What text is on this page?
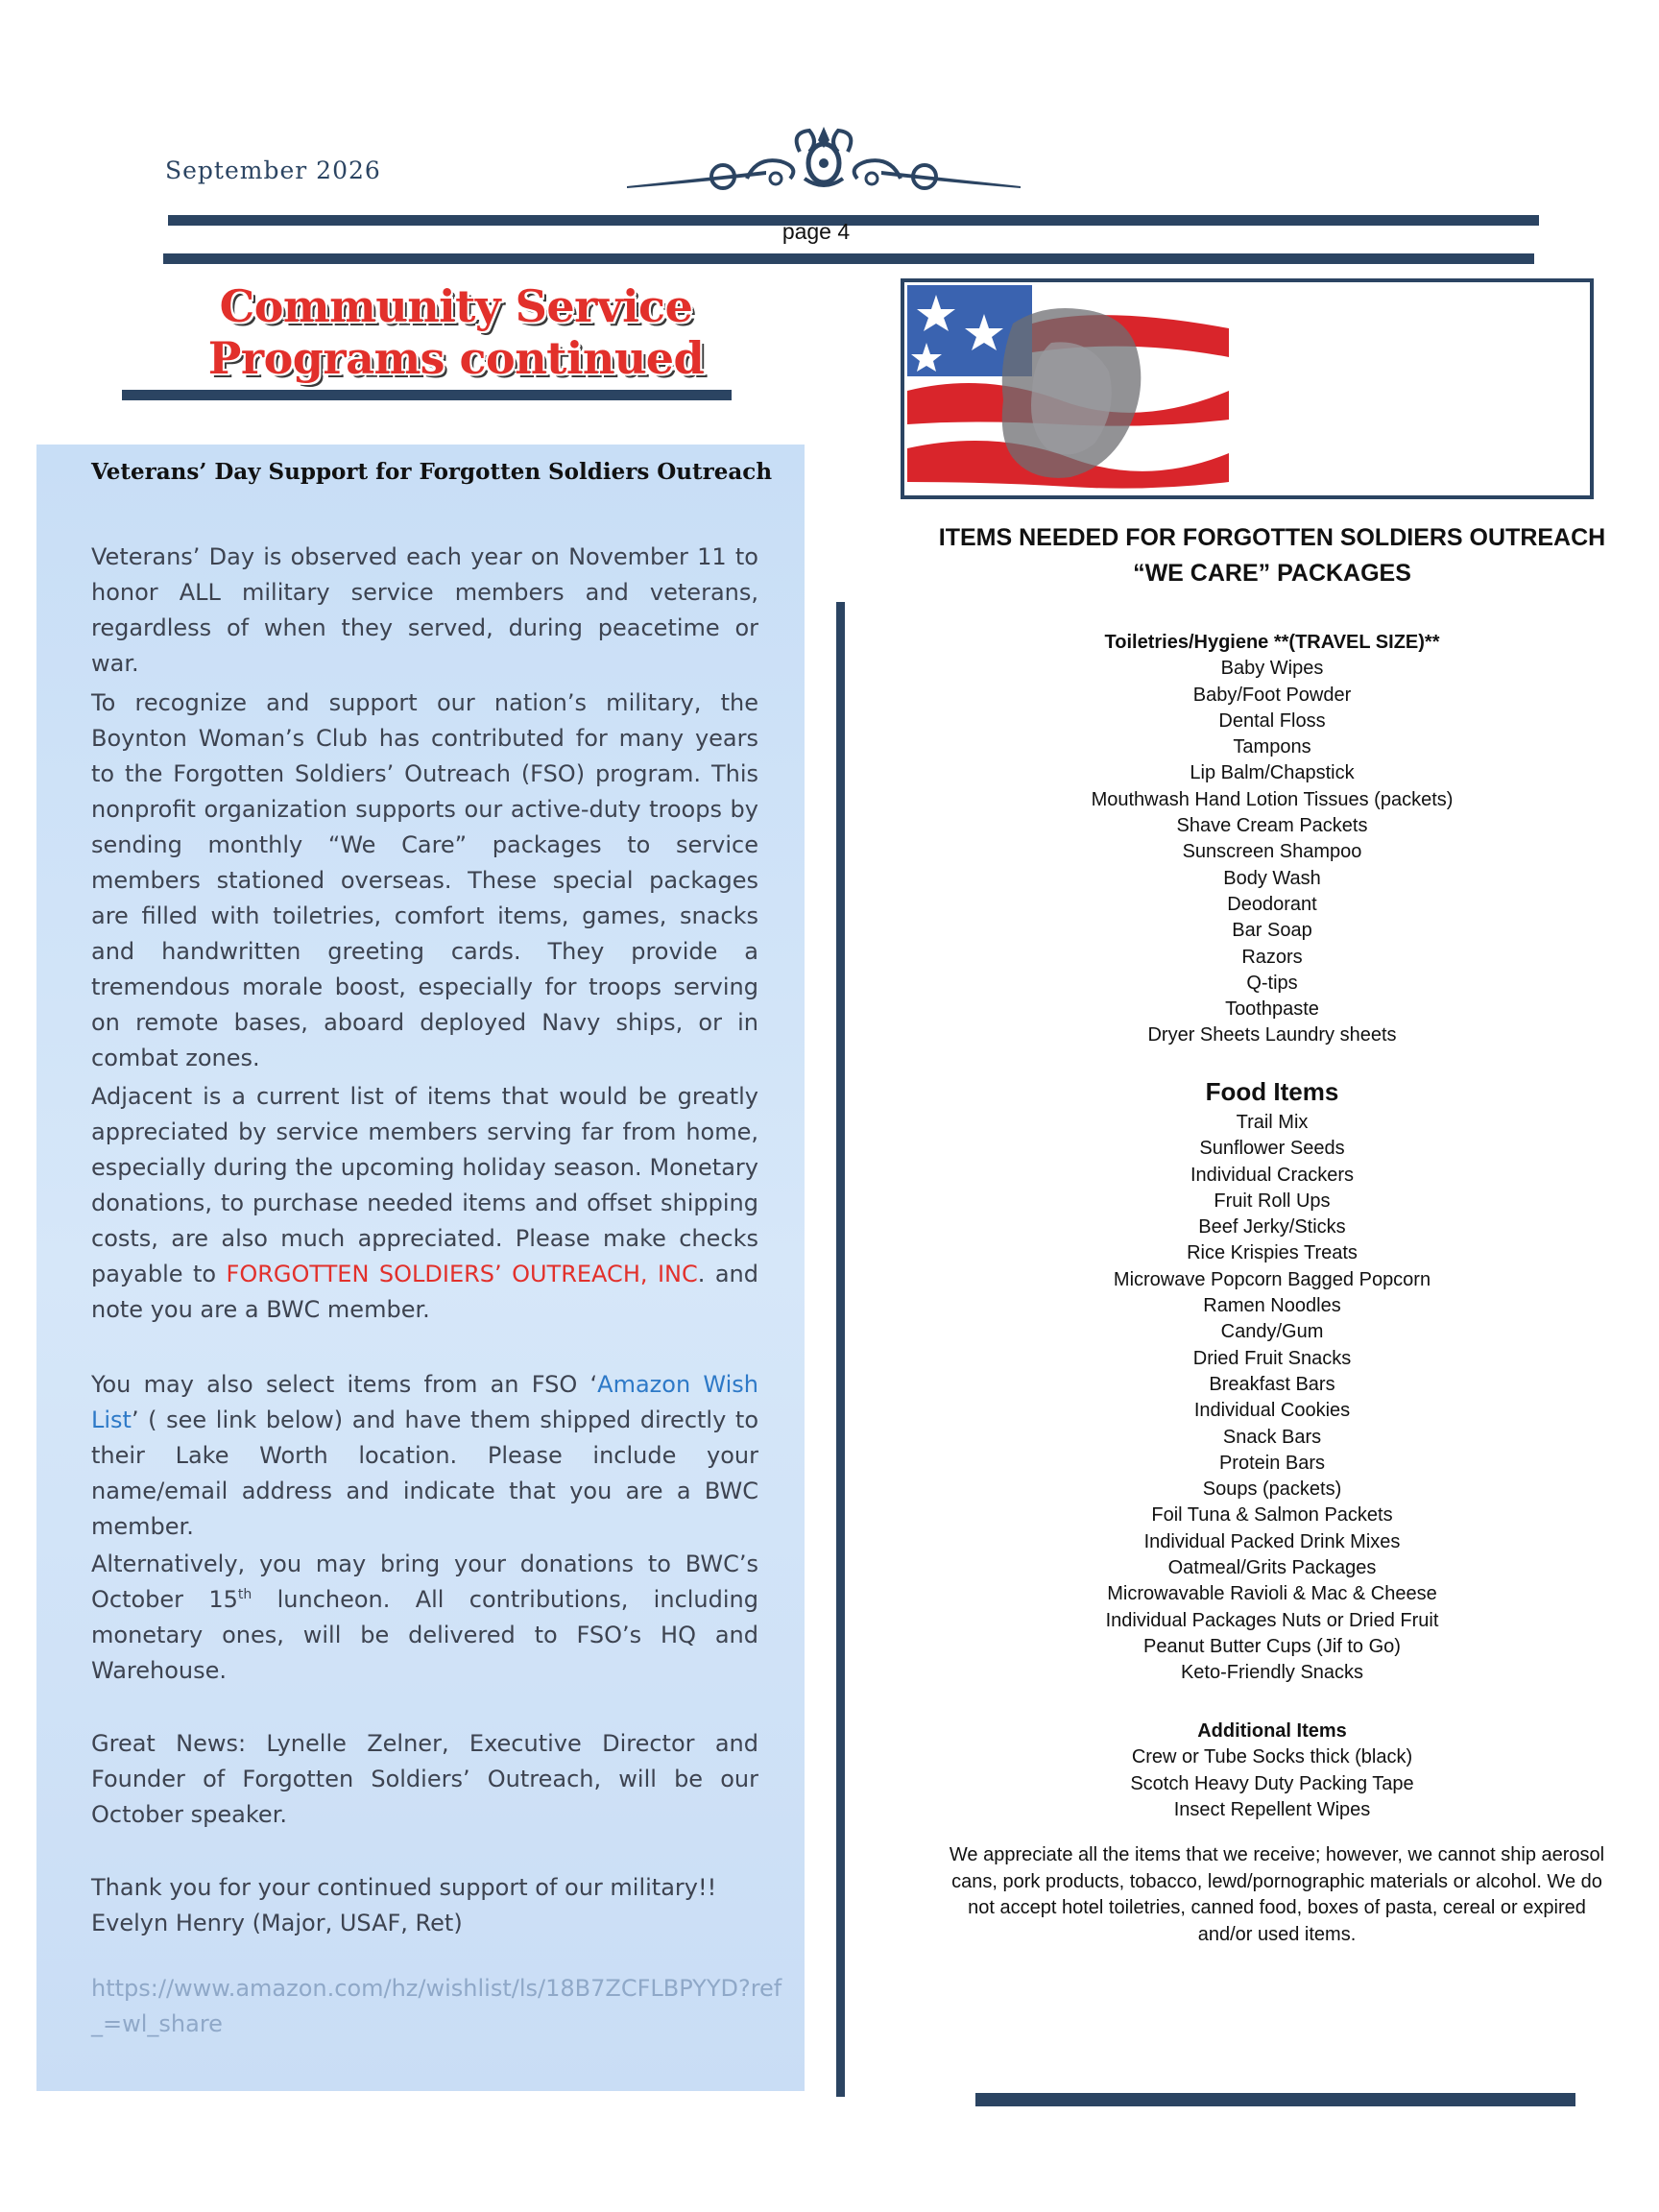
September 2026
page 4
Community Service Programs continued
Veterans’ Day Support for Forgotten Soldiers Outreach
Veterans’ Day is observed each year on November 11 to honor ALL military service members and veterans, regardless of when they served, during peacetime or war.
To recognize and support our nation’s military, the Boynton Woman’s Club has contributed for many years to the Forgotten Soldiers’ Outreach (FSO) program. This nonprofit organization supports our active-duty troops by sending monthly “We Care” packages to service members stationed overseas. These special packages are filled with toiletries, comfort items, games, snacks and handwritten greeting cards. They provide a tremendous morale boost, especially for troops serving on remote bases, aboard deployed Navy ships, or in combat zones.
Adjacent is a current list of items that would be greatly appreciated by service members serving far from home, especially during the upcoming holiday season. Monetary donations, to purchase needed items and offset shipping costs, are also much appreciated. Please make checks payable to FORGOTTEN SOLDIERS’ OUTREACH, INC. and note you are a BWC member.
You may also select items from an FSO ‘Amazon Wish List’ ( see link below) and have them shipped directly to their Lake Worth location. Please include your name/email address and indicate that you are a BWC member.
Alternatively, you may bring your donations to BWC’s October 15th luncheon. All contributions, including monetary ones, will be delivered to FSO’s HQ and Warehouse.
Great News: Lynelle Zelner, Executive Director and Founder of Forgotten Soldiers’ Outreach, will be our October speaker.
Thank you for your continued support of our military!!
Evelyn Henry (Major, USAF, Ret)
https://www.amazon.com/hz/wishlist/ls/18B7ZCFLBPYYD?ref_=wl_share
ITEMS NEEDED FOR FORGOTTEN SOLDIERS OUTREACH
“WE CARE” PACKAGES
Toiletries/Hygiene **(TRAVEL SIZE)**
Baby Wipes
Baby/Foot Powder
Dental Floss
Tampons
Lip Balm/Chapstick
Mouthwash Hand Lotion Tissues (packets)
Shave Cream Packets
Sunscreen Shampoo
Body Wash
Deodorant
Bar Soap
Razors
Q-tips
Toothpaste
Dryer Sheets Laundry sheets
Food Items
Trail Mix
Sunflower Seeds
Individual Crackers
Fruit Roll Ups
Beef Jerky/Sticks
Rice Krispies Treats
Microwave Popcorn Bagged Popcorn
Ramen Noodles
Candy/Gum
Dried Fruit Snacks
Breakfast Bars
Individual Cookies
Snack Bars
Protein Bars
Soups (packets)
Foil Tuna & Salmon Packets
Individual Packed Drink Mixes
Oatmeal/Grits Packages
Microwavable Ravioli & Mac & Cheese
Individual Packages Nuts or Dried Fruit
Peanut Butter Cups (Jif to Go)
Keto-Friendly Snacks
Additional Items
Crew or Tube Socks thick (black)
Scotch Heavy Duty Packing Tape
Insect Repellent Wipes
We appreciate all the items that we receive; however, we cannot ship aerosol cans, pork products, tobacco, lewd/pornographic materials or alcohol. We do not accept hotel toiletries, canned food, boxes of pasta, cereal or expired and/or used items.
